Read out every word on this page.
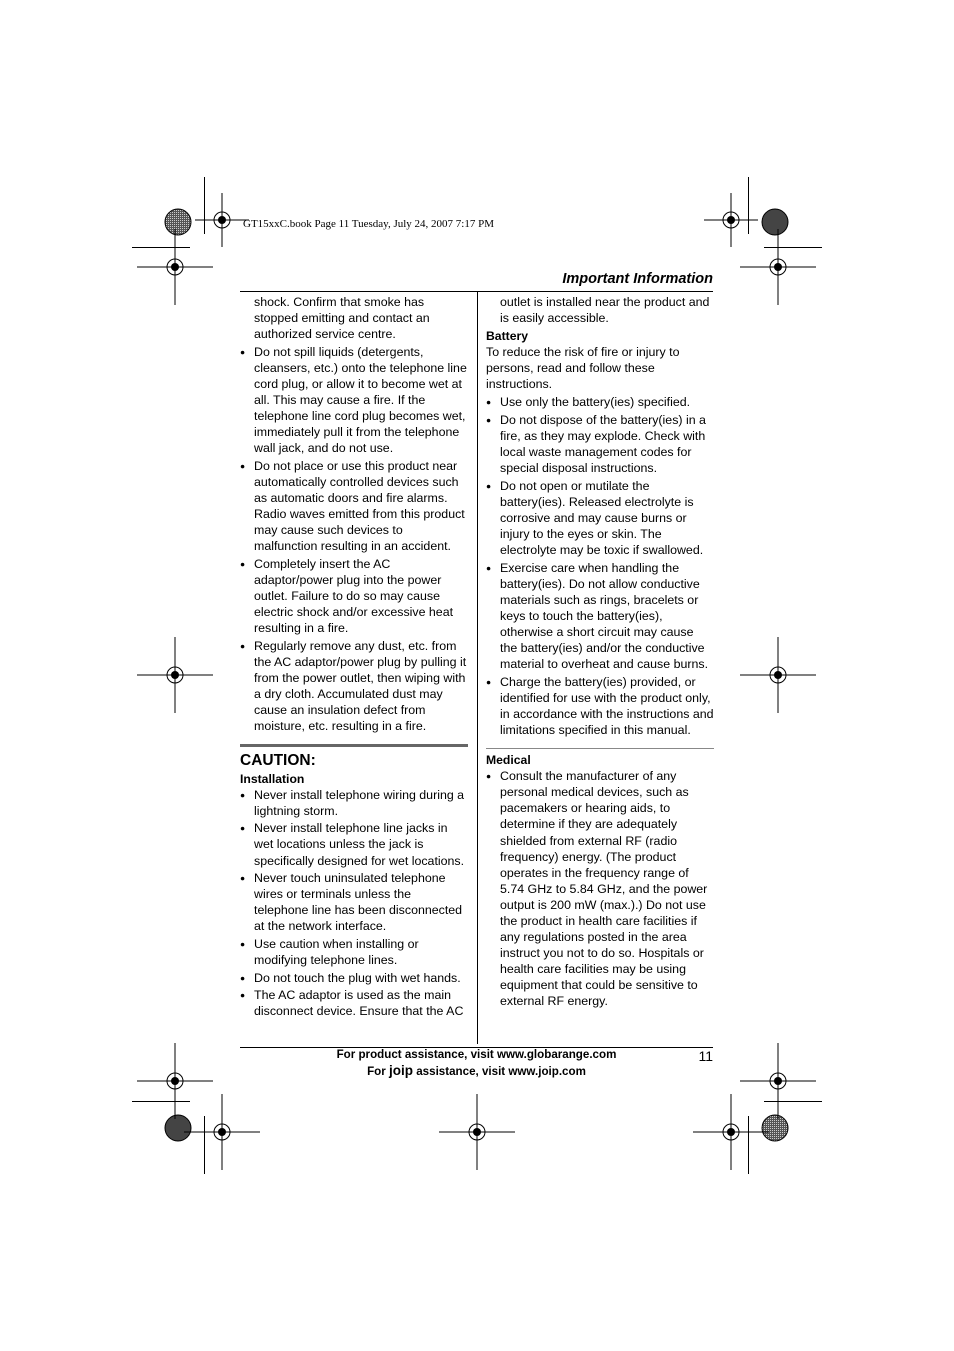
GT15xxC.book Page 11 Tuesday, July 24, 2007 7:17 PM
Important Information
shock. Confirm that smoke has stopped emitting and contact an authorized service centre.
● Do not spill liquids (detergents, cleansers, etc.) onto the telephone line cord plug, or allow it to become wet at all. This may cause a fire. If the telephone line cord plug becomes wet, immediately pull it from the telephone wall jack, and do not use.
● Do not place or use this product near automatically controlled devices such as automatic doors and fire alarms. Radio waves emitted from this product may cause such devices to malfunction resulting in an accident.
● Completely insert the AC adaptor/power plug into the power outlet. Failure to do so may cause electric shock and/or excessive heat resulting in a fire.
● Regularly remove any dust, etc. from the AC adaptor/power plug by pulling it from the power outlet, then wiping with a dry cloth. Accumulated dust may cause an insulation defect from moisture, etc. resulting in a fire.

CAUTION:

Installation

● Never install telephone wiring during a lightning storm.
● Never install telephone line jacks in wet locations unless the jack is specifically designed for wet locations.
● Never touch uninsulated telephone wires or terminals unless the telephone line has been disconnected at the network interface.
● Use caution when installing or modifying telephone lines.
● Do not touch the plug with wet hands.
● The AC adaptor is used as the main disconnect device. Ensure that the AC
outlet is installed near the product and is easily accessible.

Battery

To reduce the risk of fire or injury to persons, read and follow these instructions.

● Use only the battery(ies) specified.
● Do not dispose of the battery(ies) in a fire, as they may explode. Check with local waste management codes for special disposal instructions.
● Do not open or mutilate the battery(ies). Released electrolyte is corrosive and may cause burns or injury to the eyes or skin. The electrolyte may be toxic if swallowed.
● Exercise care when handling the battery(ies). Do not allow conductive materials such as rings, bracelets or keys to touch the battery(ies), otherwise a short circuit may cause the battery(ies) and/or the conductive material to overheat and cause burns.
● Charge the battery(ies) provided, or identified for use with the product only, in accordance with the instructions and limitations specified in this manual.

Medical

● Consult the manufacturer of any personal medical devices, such as pacemakers or hearing aids, to determine if they are adequately shielded from external RF (radio frequency) energy. (The product operates in the frequency range of 5.74 GHz to 5.84 GHz, and the power output is 200 mW (max.).) Do not use the product in health care facilities if any regulations posted in the area instruct you not to do so. Hospitals or health care facilities may be using equipment that could be sensitive to external RF energy.
For product assistance, visit www.globarange.com
For joip assistance, visit www.joip.com
11
